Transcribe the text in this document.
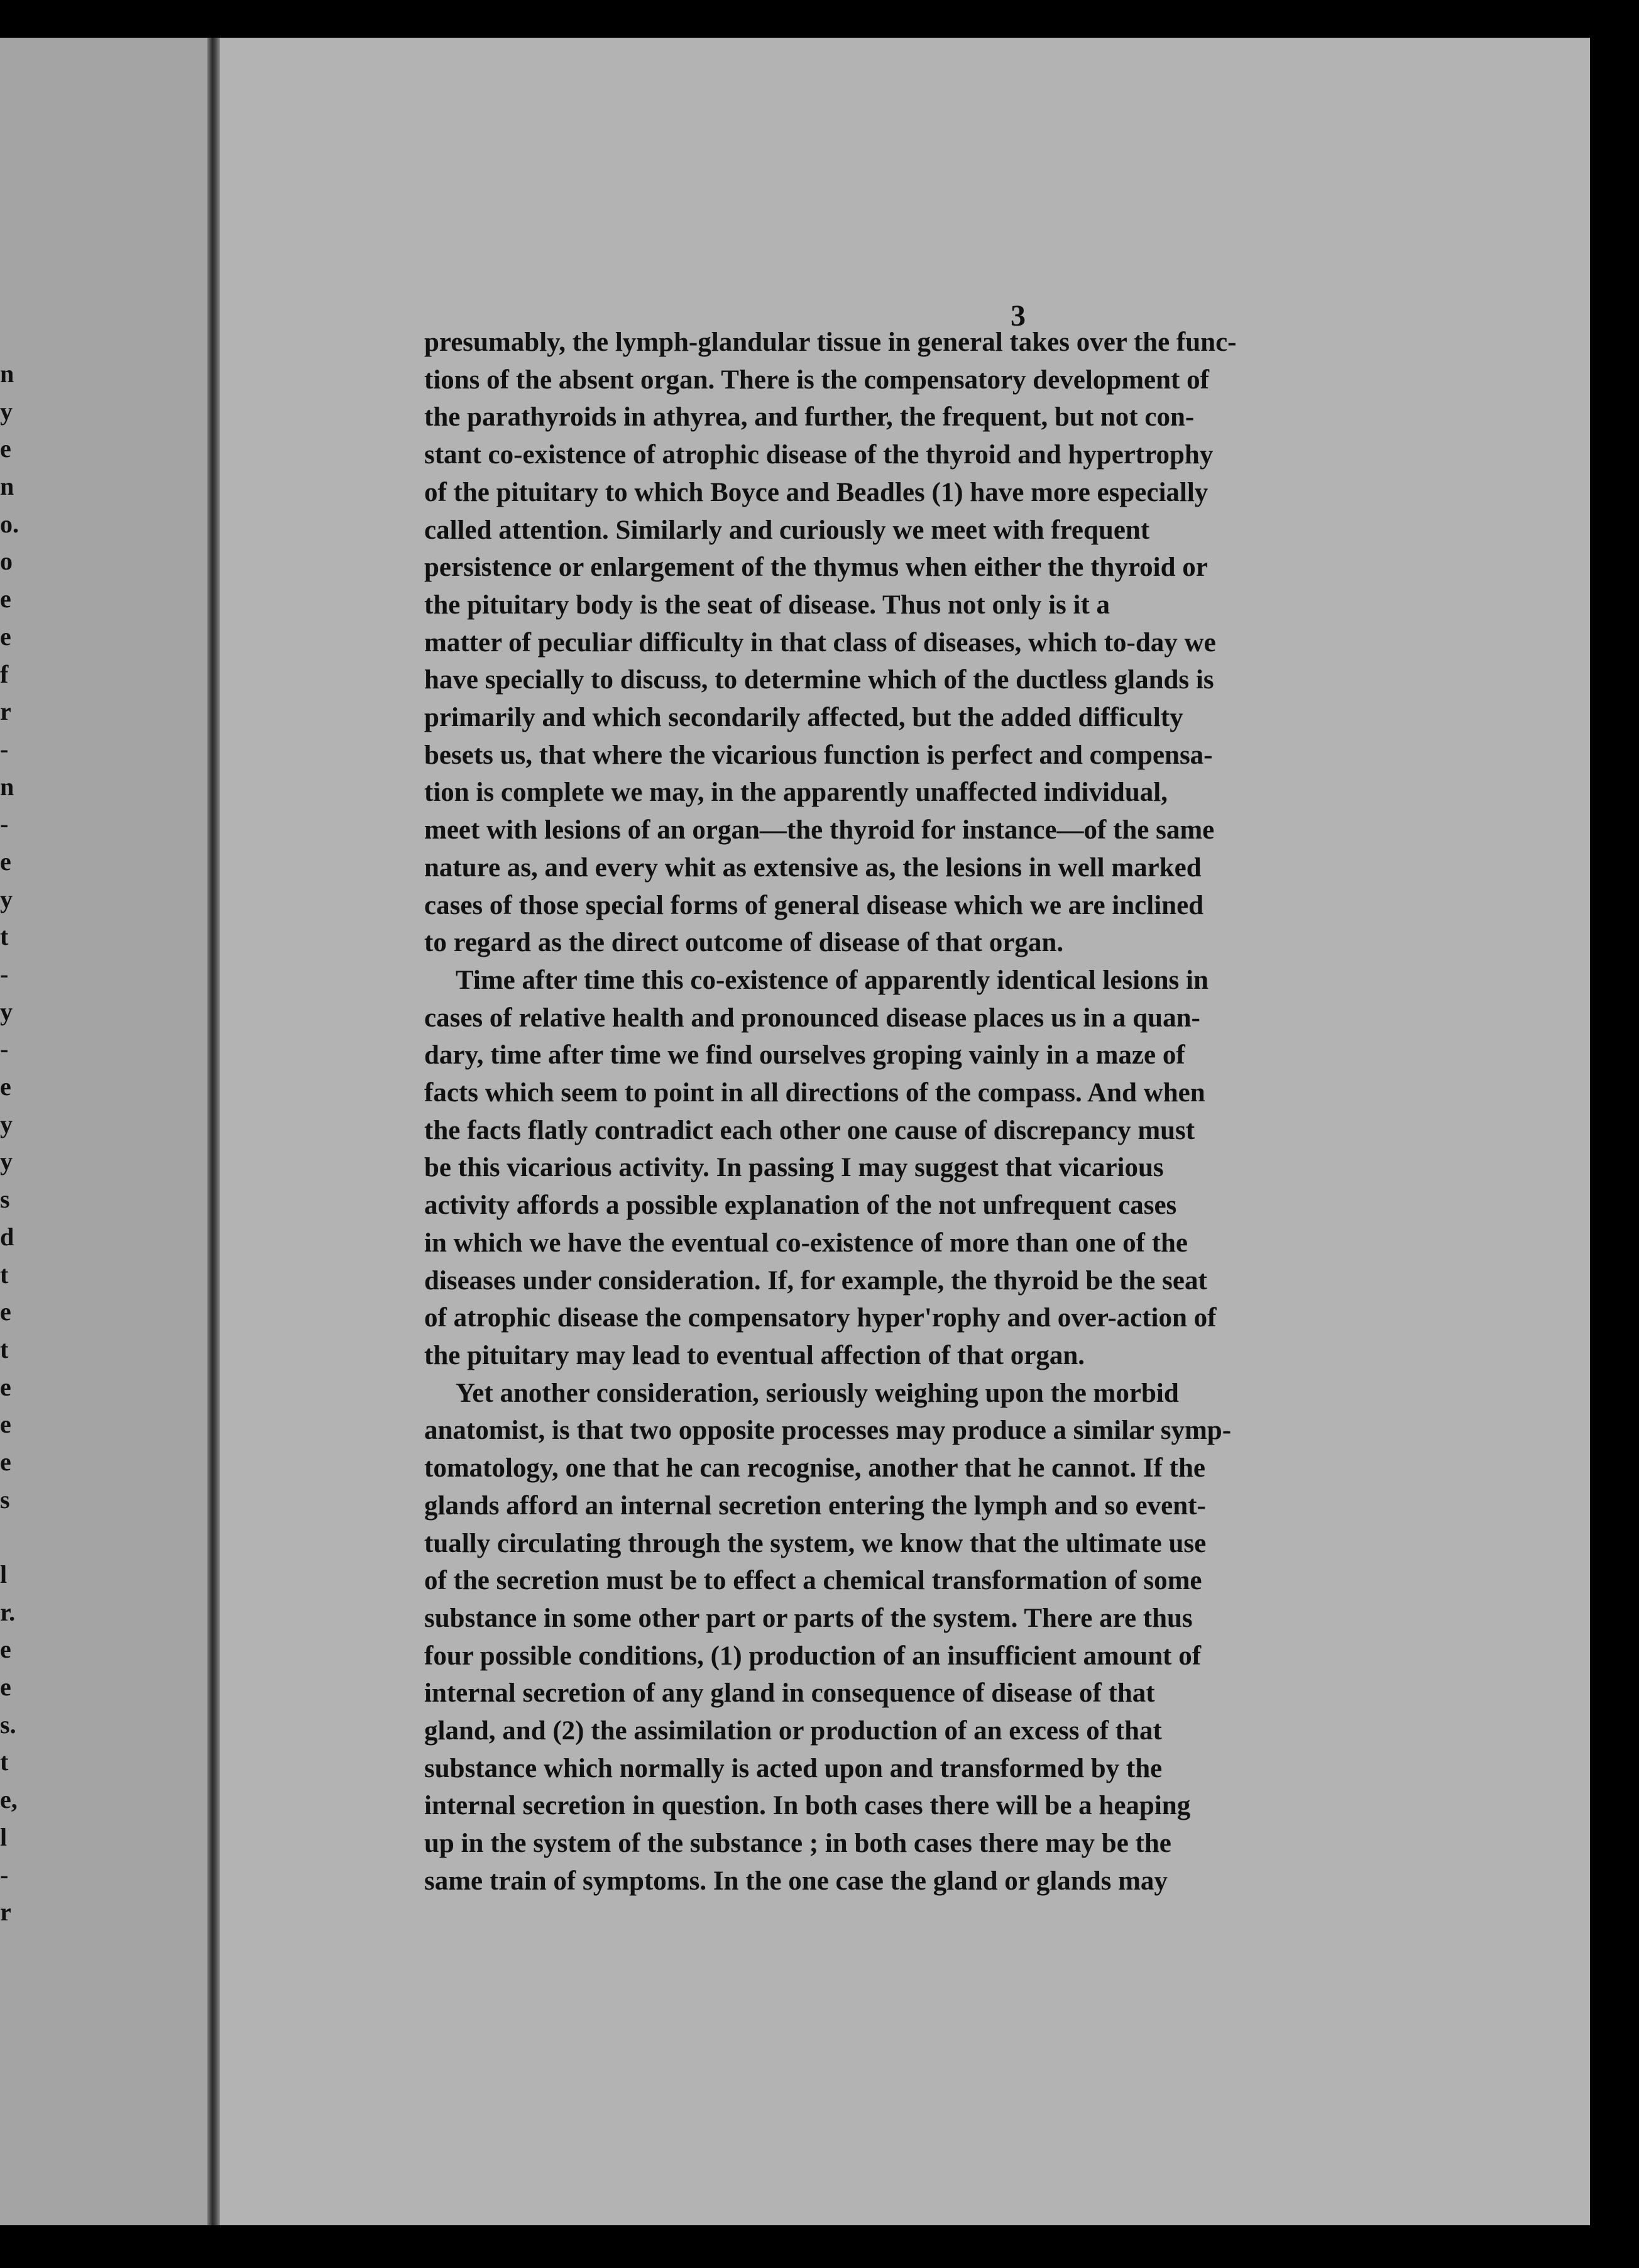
n
y
e
n
o.
o
e
e
f
r
-
n
-
e
y
t
-
y
-
e
y
y
s
d
t
e
t
e
e
e
s
l
r.
e
e
s.
t
e,
l
-
r
3

presumably, the lymph-glandular tissue in general takes over the func-
tions of the absent organ. There is the compensatory development of
the parathyroids in athyrea, and further, the frequent, but not con-
stant co-existence of atrophic disease of the thyroid and hypertrophy
of the pituitary to which Boyce and Beadles (1) have more especially
called attention. Similarly and curiously we meet with frequent
persistence or enlargement of the thymus when either the thyroid or
the pituitary body is the seat of disease. Thus not only is it a
matter of peculiar difficulty in that class of diseases, which to-day we
have specially to discuss, to determine which of the ductless glands is
primarily and which secondarily affected, but the added difficulty
besets us, that where the vicarious function is perfect and compensa-
tion is complete we may, in the apparently unaffected individual,
meet with lesions of an organ—the thyroid for instance—of the same
nature as, and every whit as extensive as, the lesions in well marked
cases of those special forms of general disease which we are inclined
to regard as the direct outcome of disease of that organ.

Time after time this co-existence of apparently identical lesions in
cases of relative health and pronounced disease places us in a quan-
dary, time after time we find ourselves groping vainly in a maze of
facts which seem to point in all directions of the compass. And when
the facts flatly contradict each other one cause of discrepancy must
be this vicarious activity. In passing I may suggest that vicarious
activity affords a possible explanation of the not unfrequent cases
in which we have the eventual co-existence of more than one of the
diseases under consideration. If, for example, the thyroid be the seat
of atrophic disease the compensatory hyper'rophy and over-action of
the pituitary may lead to eventual affection of that organ.

Yet another consideration, seriously weighing upon the morbid
anatomist, is that two opposite processes may produce a similar symp-
tomatology, one that he can recognise, another that he cannot. If the
glands afford an internal secretion entering the lymph and so event-
tually circulating through the system, we know that the ultimate use
of the secretion must be to effect a chemical transformation of some
substance in some other part or parts of the system. There are thus
four possible conditions, (1) production of an insufficient amount of
internal secretion of any gland in consequence of disease of that
gland, and (2) the assimilation or production of an excess of that
substance which normally is acted upon and transformed by the
internal secretion in question. In both cases there will be a heaping
up in the system of the substance ; in both cases there may be the
same train of symptoms. In the one case the gland or glands may
